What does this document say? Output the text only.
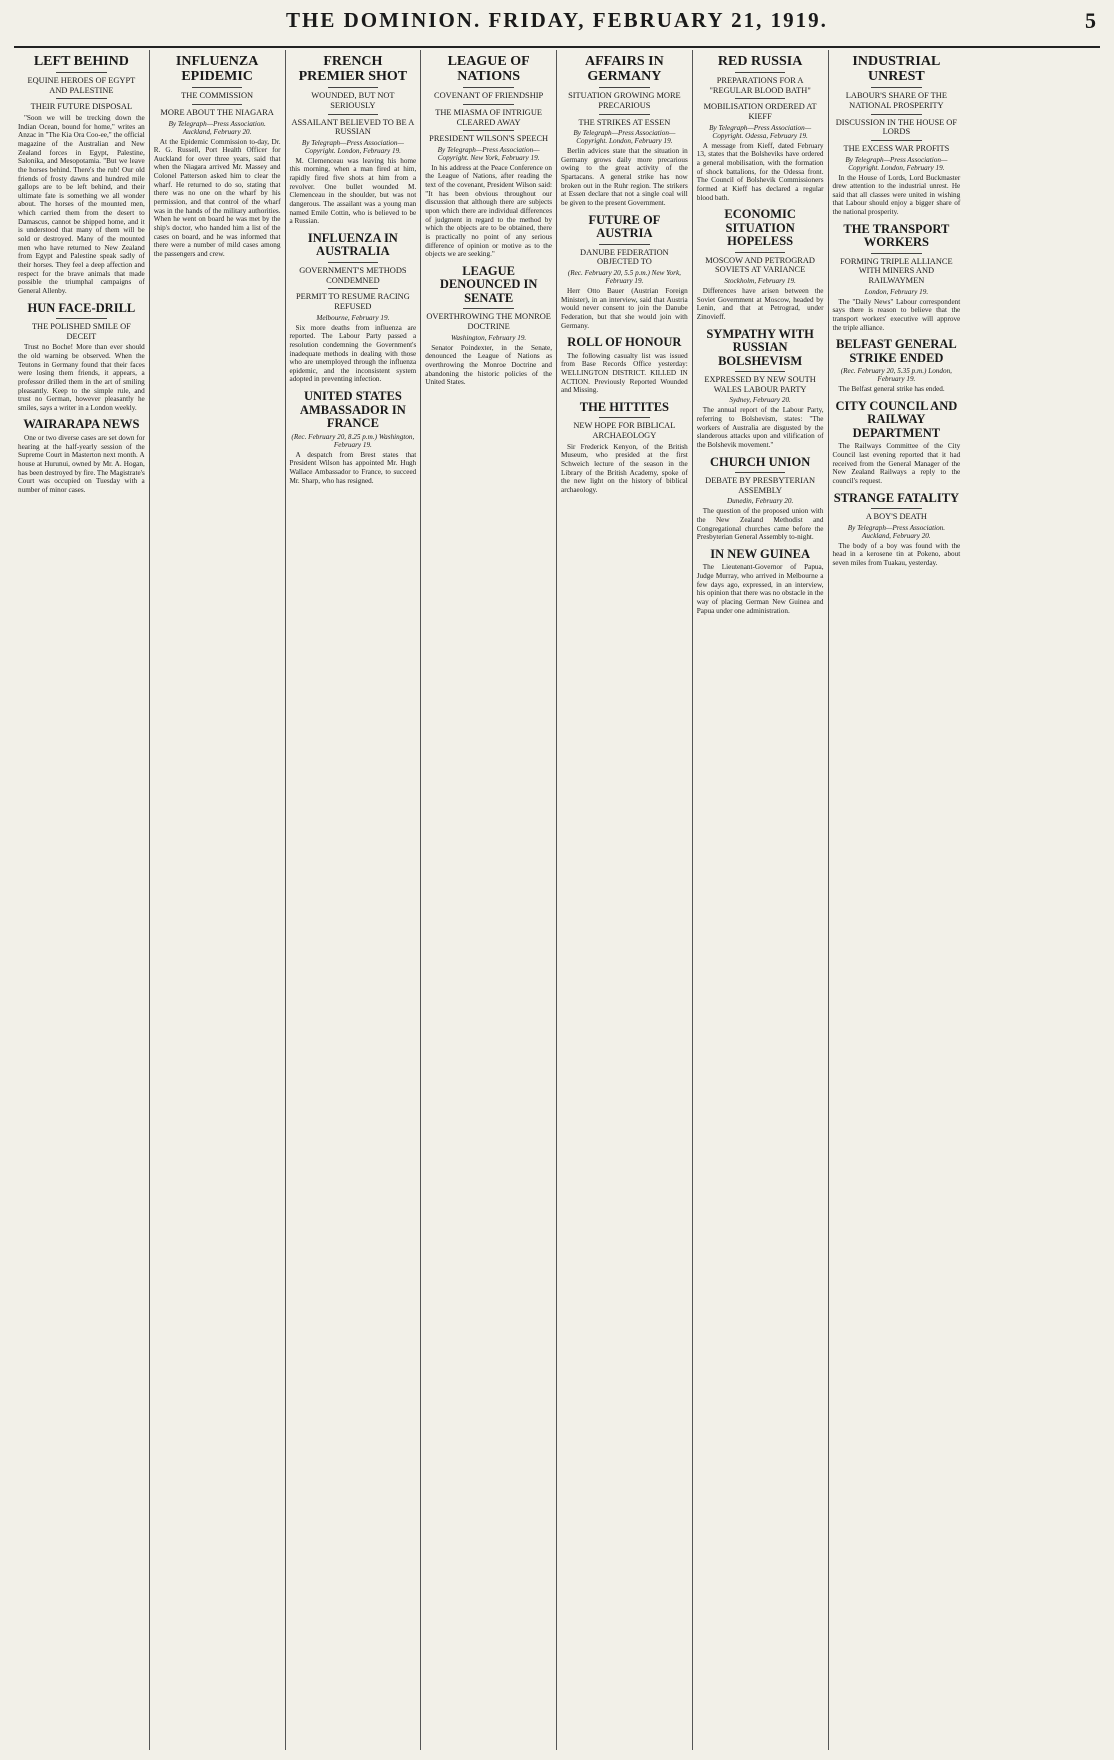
THE DOMINION. FRIDAY, FEBRUARY 21, 1919.	5
LEFT BEHIND
EQUINE HEROES OF EGYPT AND PALESTINE
THEIR FUTURE DISPOSAL

"Soon we will be trecking down the Indian Ocean, bound for home," writes an Anzac in "The Kia Ora Coo-ee," the official magazine of the Australian and New Zealand forces in Egypt, Palestine, Salonika, and Mesopotamia. "But we leave the horses behind. There's the rub! Our old friends of frosty dawns and hundred mile gallops are to be left behind, and their ultimate fate is something we all wonder about. The horses of the mounted men, which carried them from the desert to Damascus, cannot be shipped home, and it is understood that many of them will be sold or destroyed. Many of the mounted men who have returned to New Zealand from Egypt and Palestine speak sadly of their horses. They feel a deep affection and respect for the brave animals that made possible the triumphal campaigns of General Allenby.

HUN FACE-DRILL
THE POLISHED SMILE OF DECEIT

Trust no Boche! More than ever should the old warning be observed. When the Teutons in Germany found that their faces were losing them friends, it appears, a professor drilled them in the art of smiling pleasantly. Keep to the simple rule, and trust no German, however pleasantly he smiles, says a writer in a London weekly.

WAIRARAPA NEWS

One or two diverse cases are set down for hearing at the half-yearly session of the Supreme Court in Masterton next month. A house at Hurunui, owned by Mr. A. Hogan, has been destroyed by fire. The Magistrate's Court was occupied on Tuesday with a number of minor cases.

INFLUENZA EPIDEMIC
THE COMMISSION
MORE ABOUT THE NIAGARA
By Telegraph—Press Association. Auckland, February 20.

At the Epidemic Commission to-day, Dr. R. G. Russell, Port Health Officer for Auckland for over three years, said that when the Niagara arrived Mr. Massey and Colonel Patterson asked him to clear the wharf. He returned to do so, stating that there was no one on the wharf by his permission, and that control of the wharf was in the hands of the military authorities. When he went on board he was met by the ship's doctor, who handed him a list of the cases on board, and he was informed that there were a number of mild cases among the passengers and crew.

FRENCH PREMIER SHOT
WOUNDED, BUT NOT SERIOUSLY
ASSAILANT BELIEVED TO BE A RUSSIAN
By Telegraph—Press Association—Copyright. London, February 19.

M. Clemenceau was leaving his home this morning, when a man fired at him, rapidly fired five shots at him from a revolver. One bullet wounded M. Clemenceau in the shoulder, but was not dangerous. The assailant was a young man named Emile Cottin, who is believed to be a Russian.

INFLUENZA IN AUSTRALIA
GOVERNMENT'S METHODS CONDEMNED
PERMIT TO RESUME RACING REFUSED
Melbourne, February 19.

Six more deaths from influenza are reported. The Labour Party passed a resolution condemning the Government's inadequate methods in dealing with those who are unemployed through the influenza epidemic, and the inconsistent system adopted in preventing infection.

UNITED STATES AMBASSADOR IN FRANCE
(Rec. February 20, 8.25 p.m.) Washington, February 19.

A despatch from Brest states that President Wilson has appointed Mr. Hugh Wallace Ambassador to France, to succeed Mr. Sharp, who has resigned.

LEAGUE OF NATIONS
COVENANT OF FRIENDSHIP
THE MIASMA OF INTRIGUE CLEARED AWAY
PRESIDENT WILSON'S SPEECH
By Telegraph—Press Association—Copyright. New York, February 19.

In his address at the Peace Conference on the League of Nations, after reading the text of the covenant, President Wilson said: "It has been obvious throughout our discussion that although there are subjects upon which there are individual differences of judgment in regard to the method by which the objects are to be obtained, there is practically no point of any serious difference of opinion or motive as to the objects we are seeking."

LEAGUE DENOUNCED IN SENATE
OVERTHROWING THE MONROE DOCTRINE
Washington, February 19.

Senator Poindexter, in the Senate, denounced the League of Nations as overthrowing the Monroe Doctrine and abandoning the historic policies of the United States.

AFFAIRS IN GERMANY
SITUATION GROWING MORE PRECARIOUS
THE STRIKES AT ESSEN
By Telegraph—Press Association—Copyright. London, February 19.

Berlin advices state that the situation in Germany grows daily more precarious owing to the great activity of the Spartacans. A general strike has now broken out in the Ruhr region. The strikers at Essen declare that not a single coal will be given to the present Government.

FUTURE OF AUSTRIA
DANUBE FEDERATION OBJECTED TO
(Rec. February 20, 5.5 p.m.) New York, February 19.

Herr Otto Bauer (Austrian Foreign Minister), in an interview, said that Austria would never consent to join the Danube Federation, but that she would join with Germany.

ROLL OF HONOUR

The following casualty list was issued from Base Records Office yesterday: WELLINGTON DISTRICT. KILLED IN ACTION. Previously Reported Wounded and Missing.

THE HITTITES
NEW HOPE FOR BIBLICAL ARCHAEOLOGY

Sir Frederick Kenyon, of the British Museum, who presided at the first Schweich lecture of the season in the Library of the British Academy, spoke of the new light on the history of biblical archaeology.

RED RUSSIA
PREPARATIONS FOR A "REGULAR BLOOD BATH"
MOBILISATION ORDERED AT KIEFF
By Telegraph—Press Association—Copyright. Odessa, February 19.

A message from Kieff, dated February 13, states that the Bolsheviks have ordered a general mobilisation, with the formation of shock battalions, for the Odessa front. The Council of Bolshevik Commissioners formed at Kieff has declared a regular blood bath.

ECONOMIC SITUATION HOPELESS
MOSCOW AND PETROGRAD SOVIETS AT VARIANCE
Stockholm, February 19.

Differences have arisen between the Soviet Government at Moscow, headed by Lenin, and that at Petrograd, under Zinovieff.

SYMPATHY WITH RUSSIAN BOLSHEVISM
EXPRESSED BY NEW SOUTH WALES LABOUR PARTY
Sydney, February 20.

The annual report of the Labour Party, referring to Bolshevism, states: "The workers of Australia are disgusted by the slanderous attacks upon and vilification of the Bolshevik movement."

CHURCH UNION
DEBATE BY PRESBYTERIAN ASSEMBLY
Dunedin, February 20.

The question of the proposed union with the New Zealand Methodist and Congregational churches came before the Presbyterian General Assembly to-night.

IN NEW GUINEA

The Lieutenant-Governor of Papua, Judge Murray, who arrived in Melbourne a few days ago, expressed, in an interview, his opinion that there was no obstacle in the way of placing German New Guinea and Papua under one administration.

INDUSTRIAL UNREST
LABOUR'S SHARE OF THE NATIONAL PROSPERITY
DISCUSSION IN THE HOUSE OF LORDS
THE EXCESS WAR PROFITS
By Telegraph—Press Association—Copyright. London, February 19.

In the House of Lords, Lord Buckmaster drew attention to the industrial unrest. He said that all classes were united in wishing that Labour should enjoy a bigger share of the national prosperity.

THE TRANSPORT WORKERS
FORMING TRIPLE ALLIANCE WITH MINERS AND RAILWAYMEN
London, February 19.

The "Daily News" Labour correspondent says there is reason to believe that the transport workers' executive will approve the triple alliance.

BELFAST GENERAL STRIKE ENDED
(Rec. February 20, 5.35 p.m.) London, February 19.

The Belfast general strike has ended.

CITY COUNCIL AND RAILWAY DEPARTMENT

The Railways Committee of the City Council last evening reported that it had received from the General Manager of the New Zealand Railways a reply to the council's request.

STRANGE FATALITY
A BOY'S DEATH
By Telegraph—Press Association. Auckland, February 20.

The body of a boy was found with the head in a kerosene tin at Pokeno, about seven miles from Tuakau, yesterday.
